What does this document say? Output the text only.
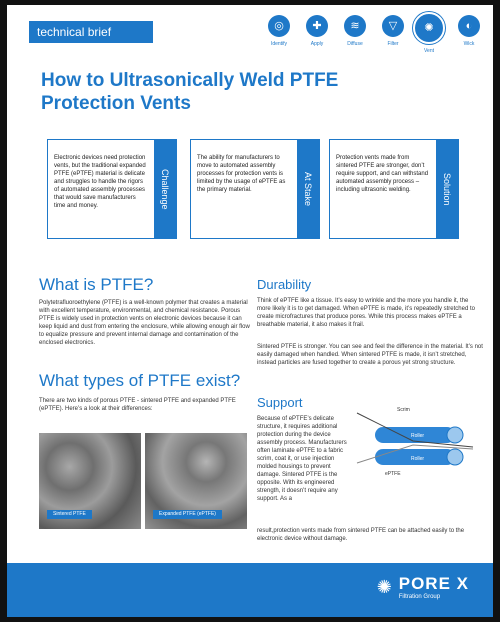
technical brief	◎
Identify
✚
Apply
≋
Diffuse
▽
Filter
✺
Vent
◐
Wick
How to Ultrasonically Weld PTFE Protection Vents
Electronic devices need protection vents, but the traditional expanded PTFE (ePTFE) material is delicate and struggles to handle the rigors of automated assembly processes that would save manufacturers time and money.	Challenge
The ability for manufacturers to move to automated assembly processes for protection vents is limited by the usage of ePTFE as the primary material.	At Stake
Protection vents made from sintered PTFE are stronger, don’t require support, and can withstand automated assembly process – including ultrasonic welding.	Solution
What is PTFE?

Polytetrafluoroethylene (PTFE) is a well-known polymer that creates a material with excellent temperature, environmental, and chemical resistance. Porous PTFE is widely used in protection vents on electronic devices because it can keep liquid and dust from entering the enclosure, while allowing enough air flow to equalize pressure and prevent internal damage and contamination of the enclosed electronics.

What types of PTFE exist?

There are two kinds of porous PTFE - sintered PTFE and expanded PTFE (ePTFE). Here’s a look at their differences:

Sintered PTFE	Expanded PTFE (ePTFE)
Durability

Think of ePTFE like a tissue. It’s easy to wrinkle and the more you handle it, the more likely it is to get damaged. When ePTFE is made, it’s repeatedly stretched to create microfractures that produce pores. While this process makes ePTFE a breathable material, it also makes it frail.

Sintered PTFE is stronger. You can see and feel the difference in the material. It’s not easily damaged when handled. When sintered PTFE is made, it isn’t stretched, instead particles are fused together to create a porous yet strong structure.

Support

Because of ePTFE’s delicate structure, it requires additional protection during the device assembly process. Manufacturers often laminate ePTFE to a fabric scrim, coat it, or use injection molded housings to prevent damage. Sintered PTFE is the opposite. With its engineered strength, it doesn’t require any support. As a

result,protection vents made from sintered PTFE can be attached easily to the electronic device without damage.

Scrim
Roller
ePTFE
Roller
✺ PORE X
Filtration Group
